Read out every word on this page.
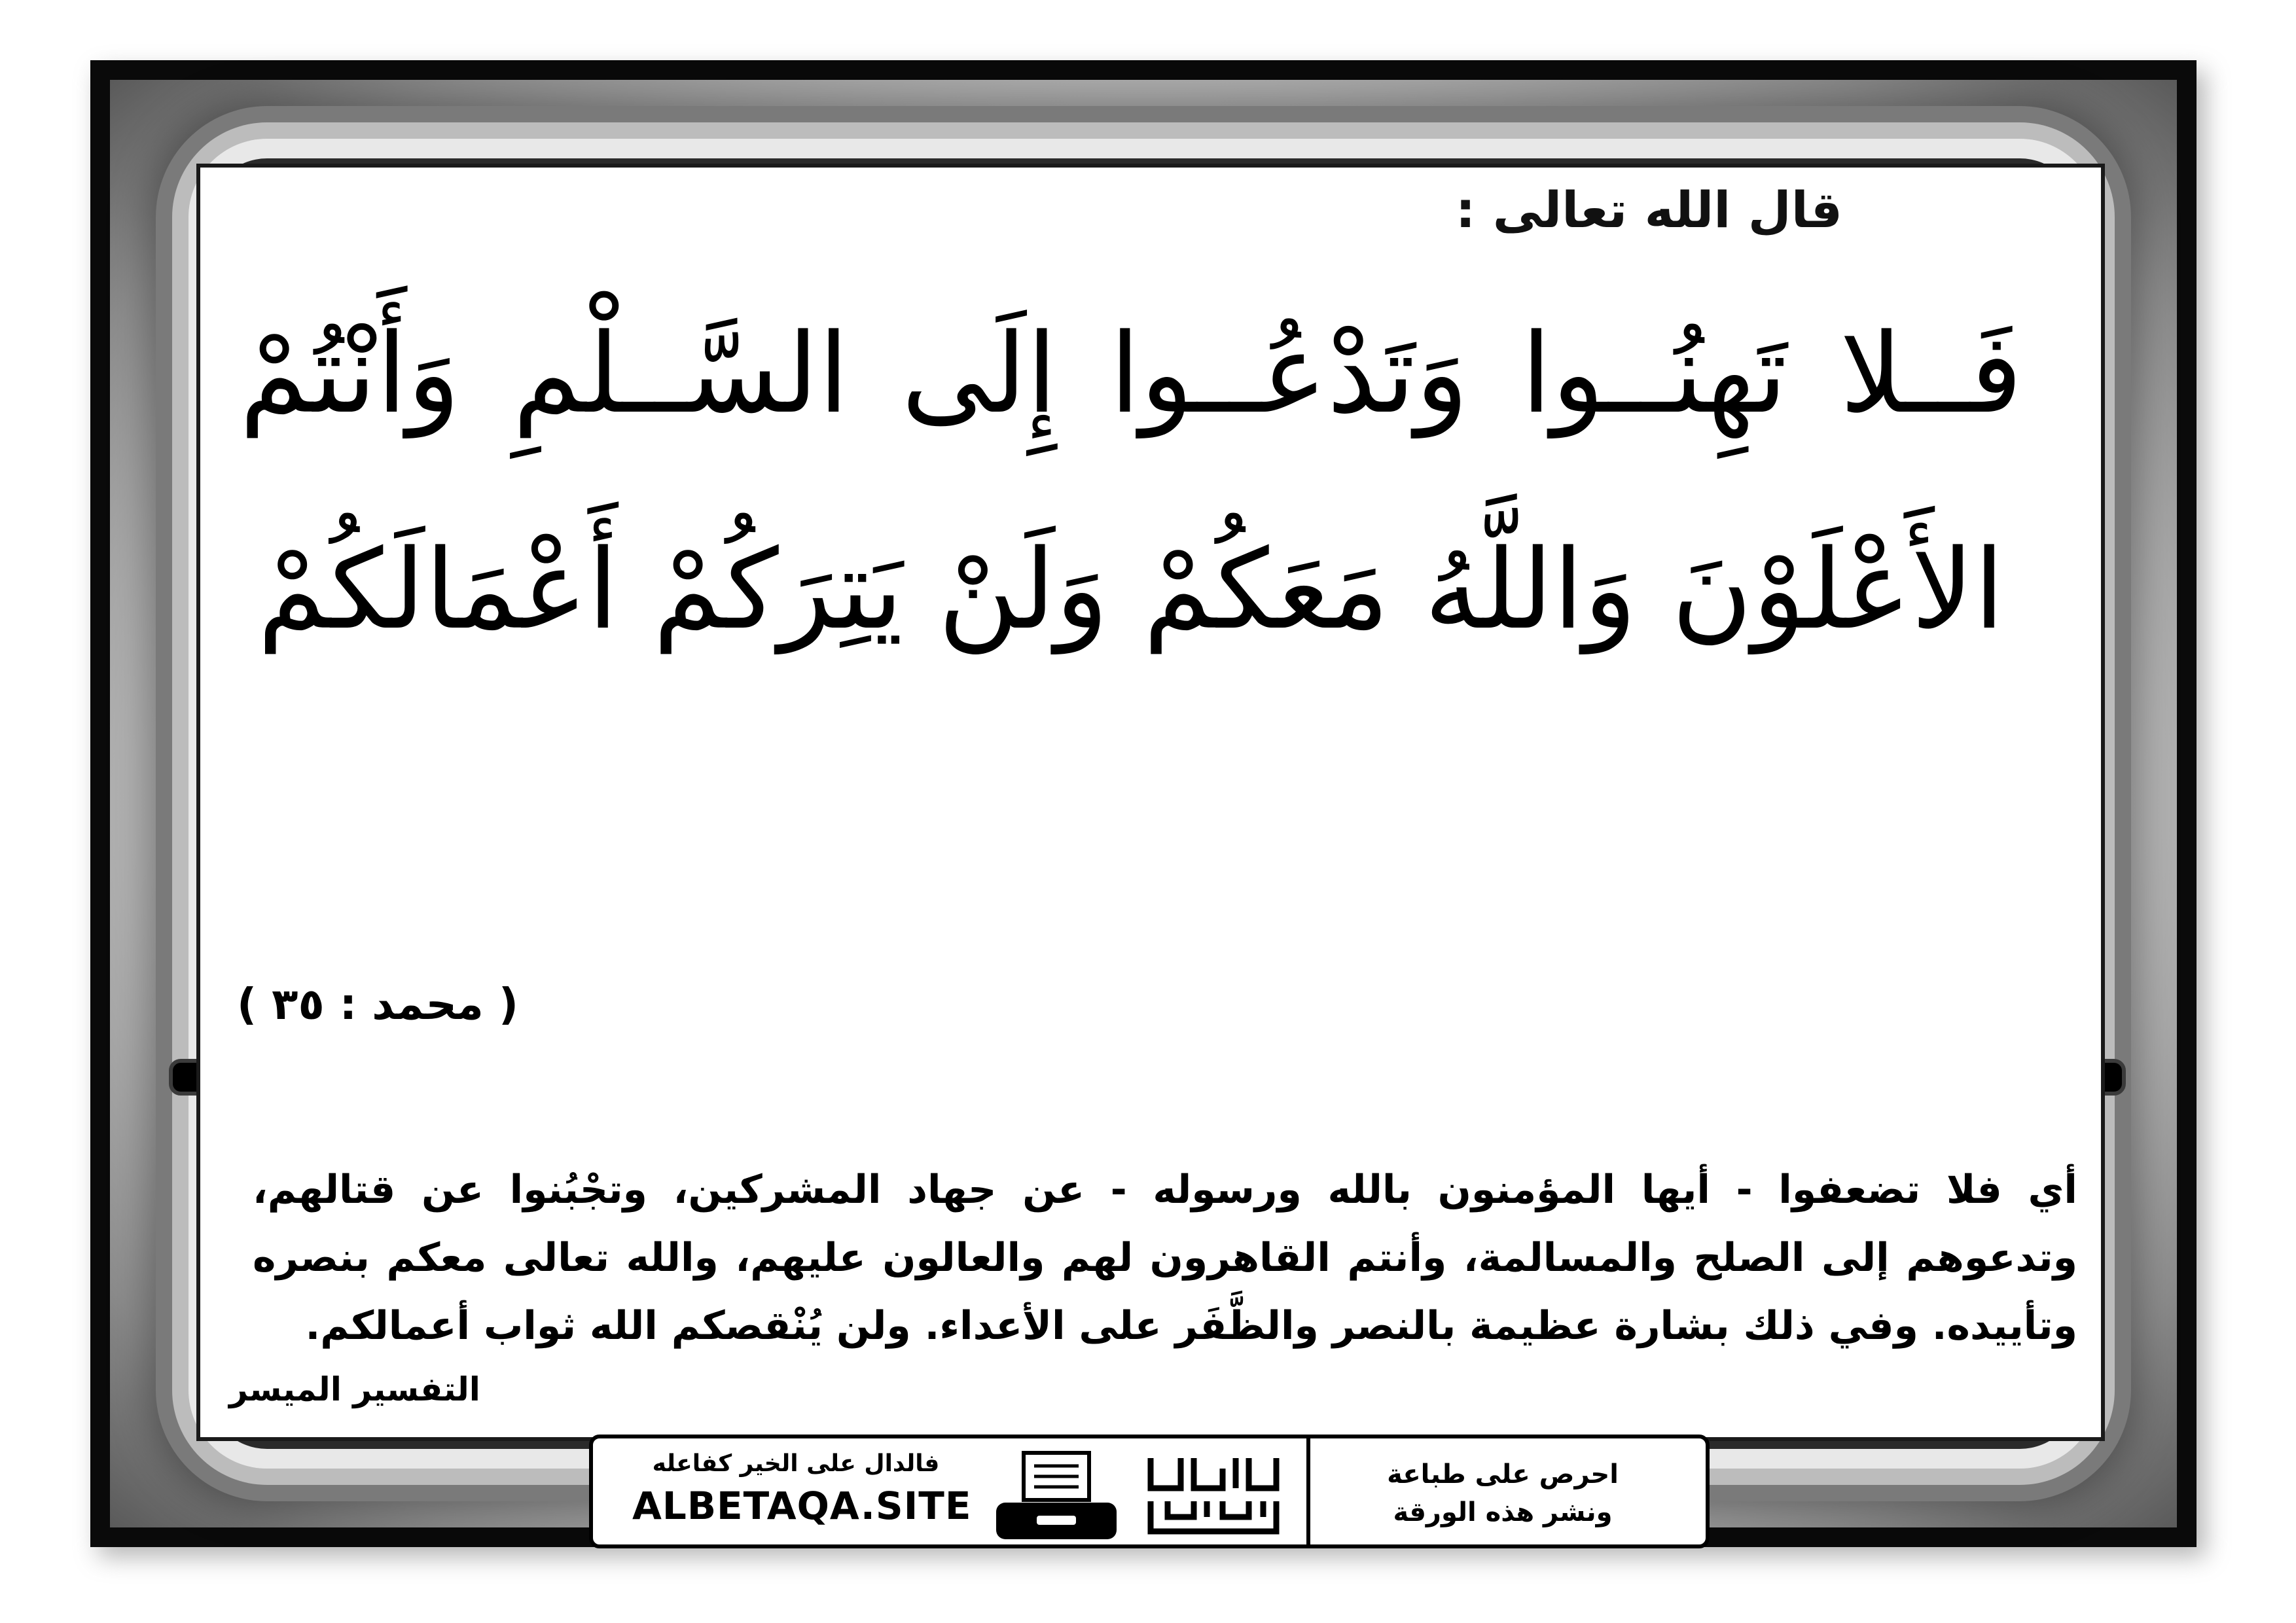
قال الله تعالى :

فَــلا تَهِنُــوا وَتَدْعُــوا إِلَى السَّــلْمِ وَأَنْتُمْ الأَعْلَوْنَ وَاللَّهُ مَعَكُمْ وَلَنْ يَتِرَكُمْ أَعْمَالَكُمْ

( محمد : ٣٥ )

أي فلا تضعفوا - أيها المؤمنون بالله ورسوله - عن جهاد المشركين، وتجْبُنوا عن قتالهم، وتدعوهم إلى الصلح والمسالمة، وأنتم القاهرون لهم والعالون عليهم، والله تعالى معكم بنصره وتأييده. وفي ذلك بشارة عظيمة بالنصر والظَّفَر على الأعداء. ولن يُنْقصكم الله ثواب أعمالكم.

التفسير الميسر

فالدال على الخير كفاعله
ALBETAQA.SITE
احرص على طباعة
ونشر هذه الورقة
